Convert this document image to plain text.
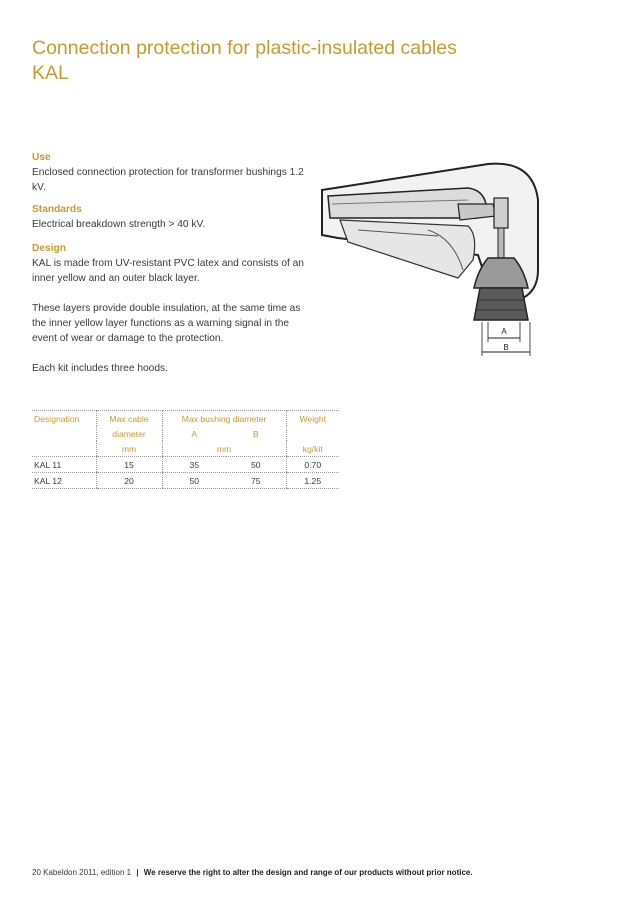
Connection protection for plastic-insulated cables
KAL
Use

Enclosed connection protection for transformer bushings 1.2 kV.

Standards

Electrical breakdown strength > 40 kV.

Design

KAL is made from UV-resistant PVC latex and consists of an inner yellow and an outer black layer.

These layers provide double insulation, at the same time as the inner yellow layer functions as a warning signal in the event of wear or damage to the protection.

Each kit includes three hoods.

A
B
Designation	Max cable	Max bushing diameter		Weight
	diameter	A	B	
	mm	mm		kg/kit
KAL 11	15	35	50	0.70
KAL 12	20	50	75	1.25
20 Kabeldon 2011, edition 1 | We reserve the right to alter the design and range of our products without prior notice.
